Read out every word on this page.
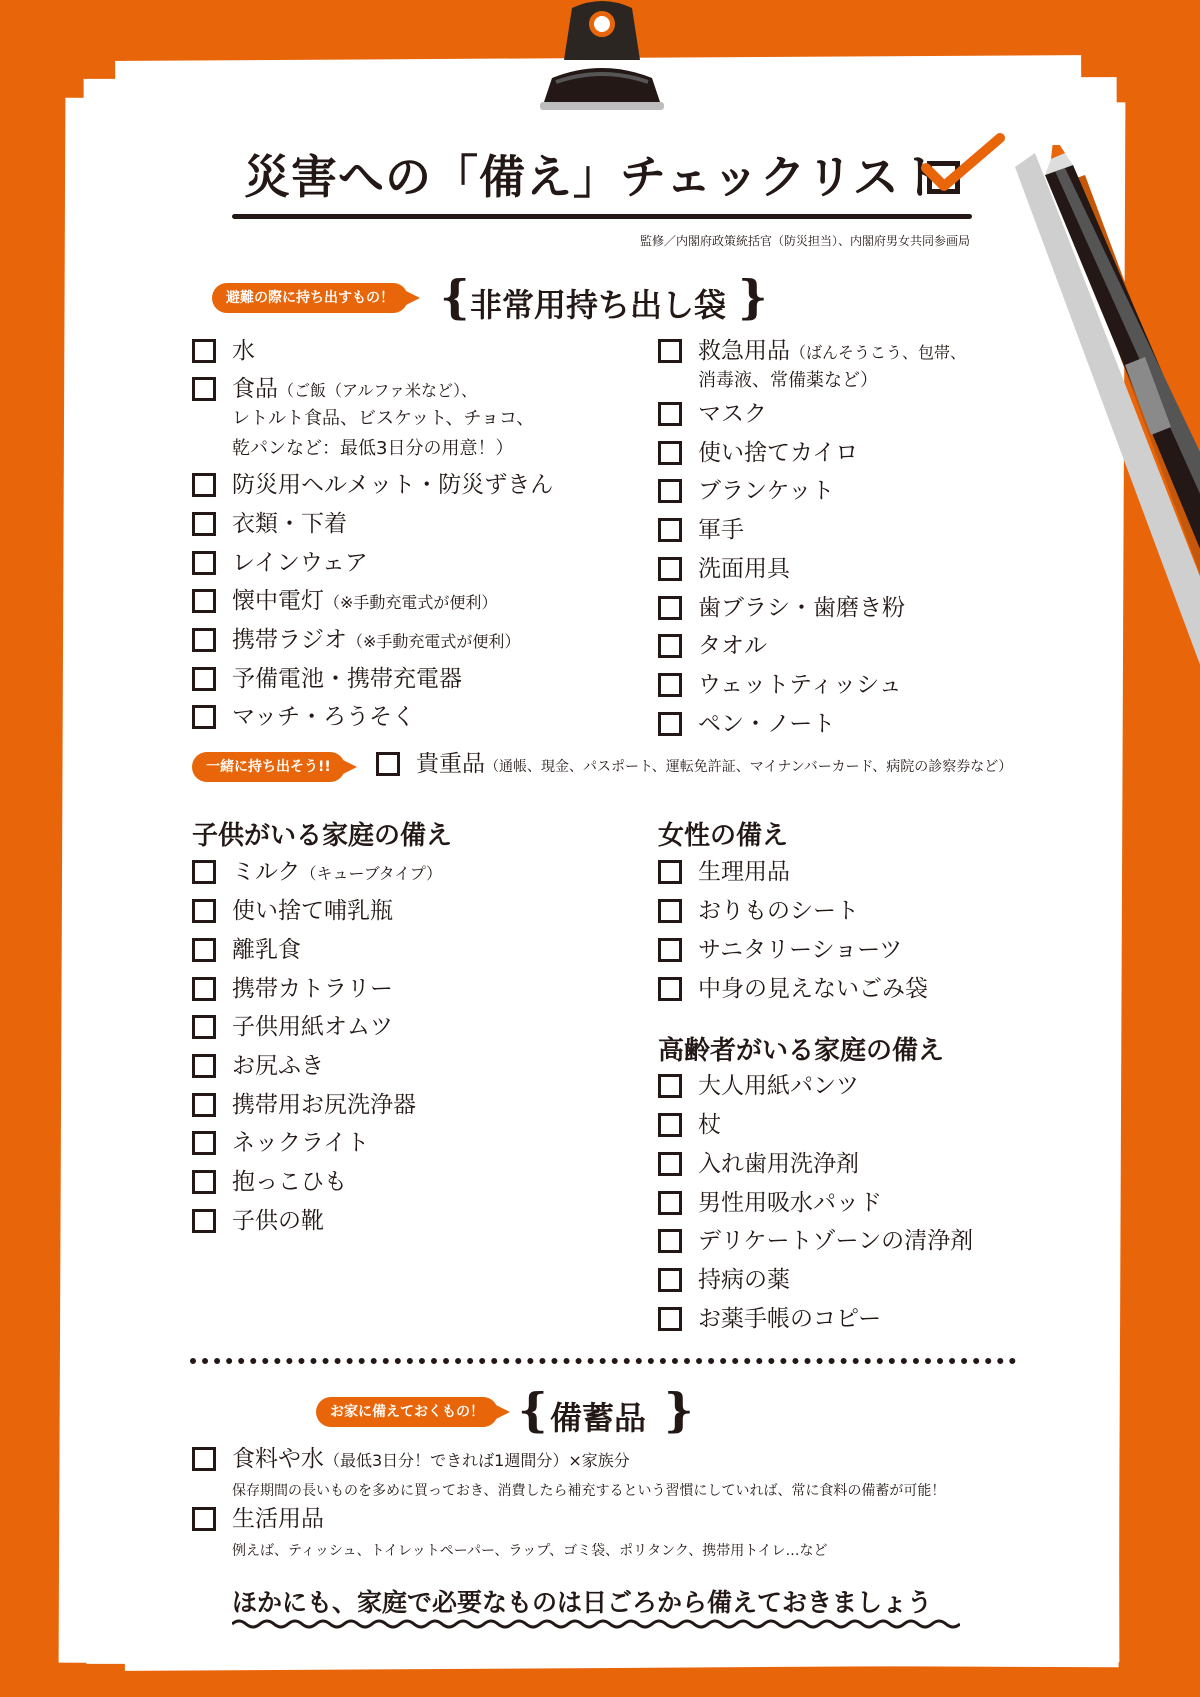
災害への「備え」チェックリスト
監修／内閣府政策統括官（防災担当）、内閣府男女共同参画局
避難の際に持ち出すもの！	{ 非常用持ち出し袋 }
水
食品（ご飯（アルファ米など）、
レトルト食品、ビスケット、チョコ、
乾パンなど：最低3日分の用意！）
防災用ヘルメット・防災ずきん
衣類・下着
レインウェア
懐中電灯（※手動充電式が便利）
携帯ラジオ（※手動充電式が便利）
予備電池・携帯充電器
マッチ・ろうそく
救急用品（ばんそうこう、包帯、
消毒液、常備薬など）
マスク
使い捨てカイロ
ブランケット
軍手
洗面用具
歯ブラシ・歯磨き粉
タオル
ウェットティッシュ
ペン・ノート
一緒に持ち出そう!!	貴重品（通帳、現金、パスポート、運転免許証、マイナンバーカード、病院の診察券など）
子供がいる家庭の備え
ミルク（キューブタイプ）
使い捨て哺乳瓶
離乳食
携帯カトラリー
子供用紙オムツ
お尻ふき
携帯用お尻洗浄器
ネックライト
抱っこひも
子供の靴
女性の備え
生理用品
おりものシート
サニタリーショーツ
中身の見えないごみ袋
高齢者がいる家庭の備え
大人用紙パンツ
杖
入れ歯用洗浄剤
男性用吸水パッド
デリケートゾーンの清浄剤
持病の薬
お薬手帳のコピー
お家に備えておくもの！ { 備蓄品 }
食料や水（最低3日分！できれば1週間分）×家族分
保存期間の長いものを多めに買っておき、消費したら補充するという習慣にしていれば、常に食料の備蓄が可能！
生活用品
例えば、ティッシュ、トイレットペーパー、ラップ、ゴミ袋、ポリタンク、携帯用トイレ…など
ほかにも、家庭で必要なものは日ごろから備えておきましょう
